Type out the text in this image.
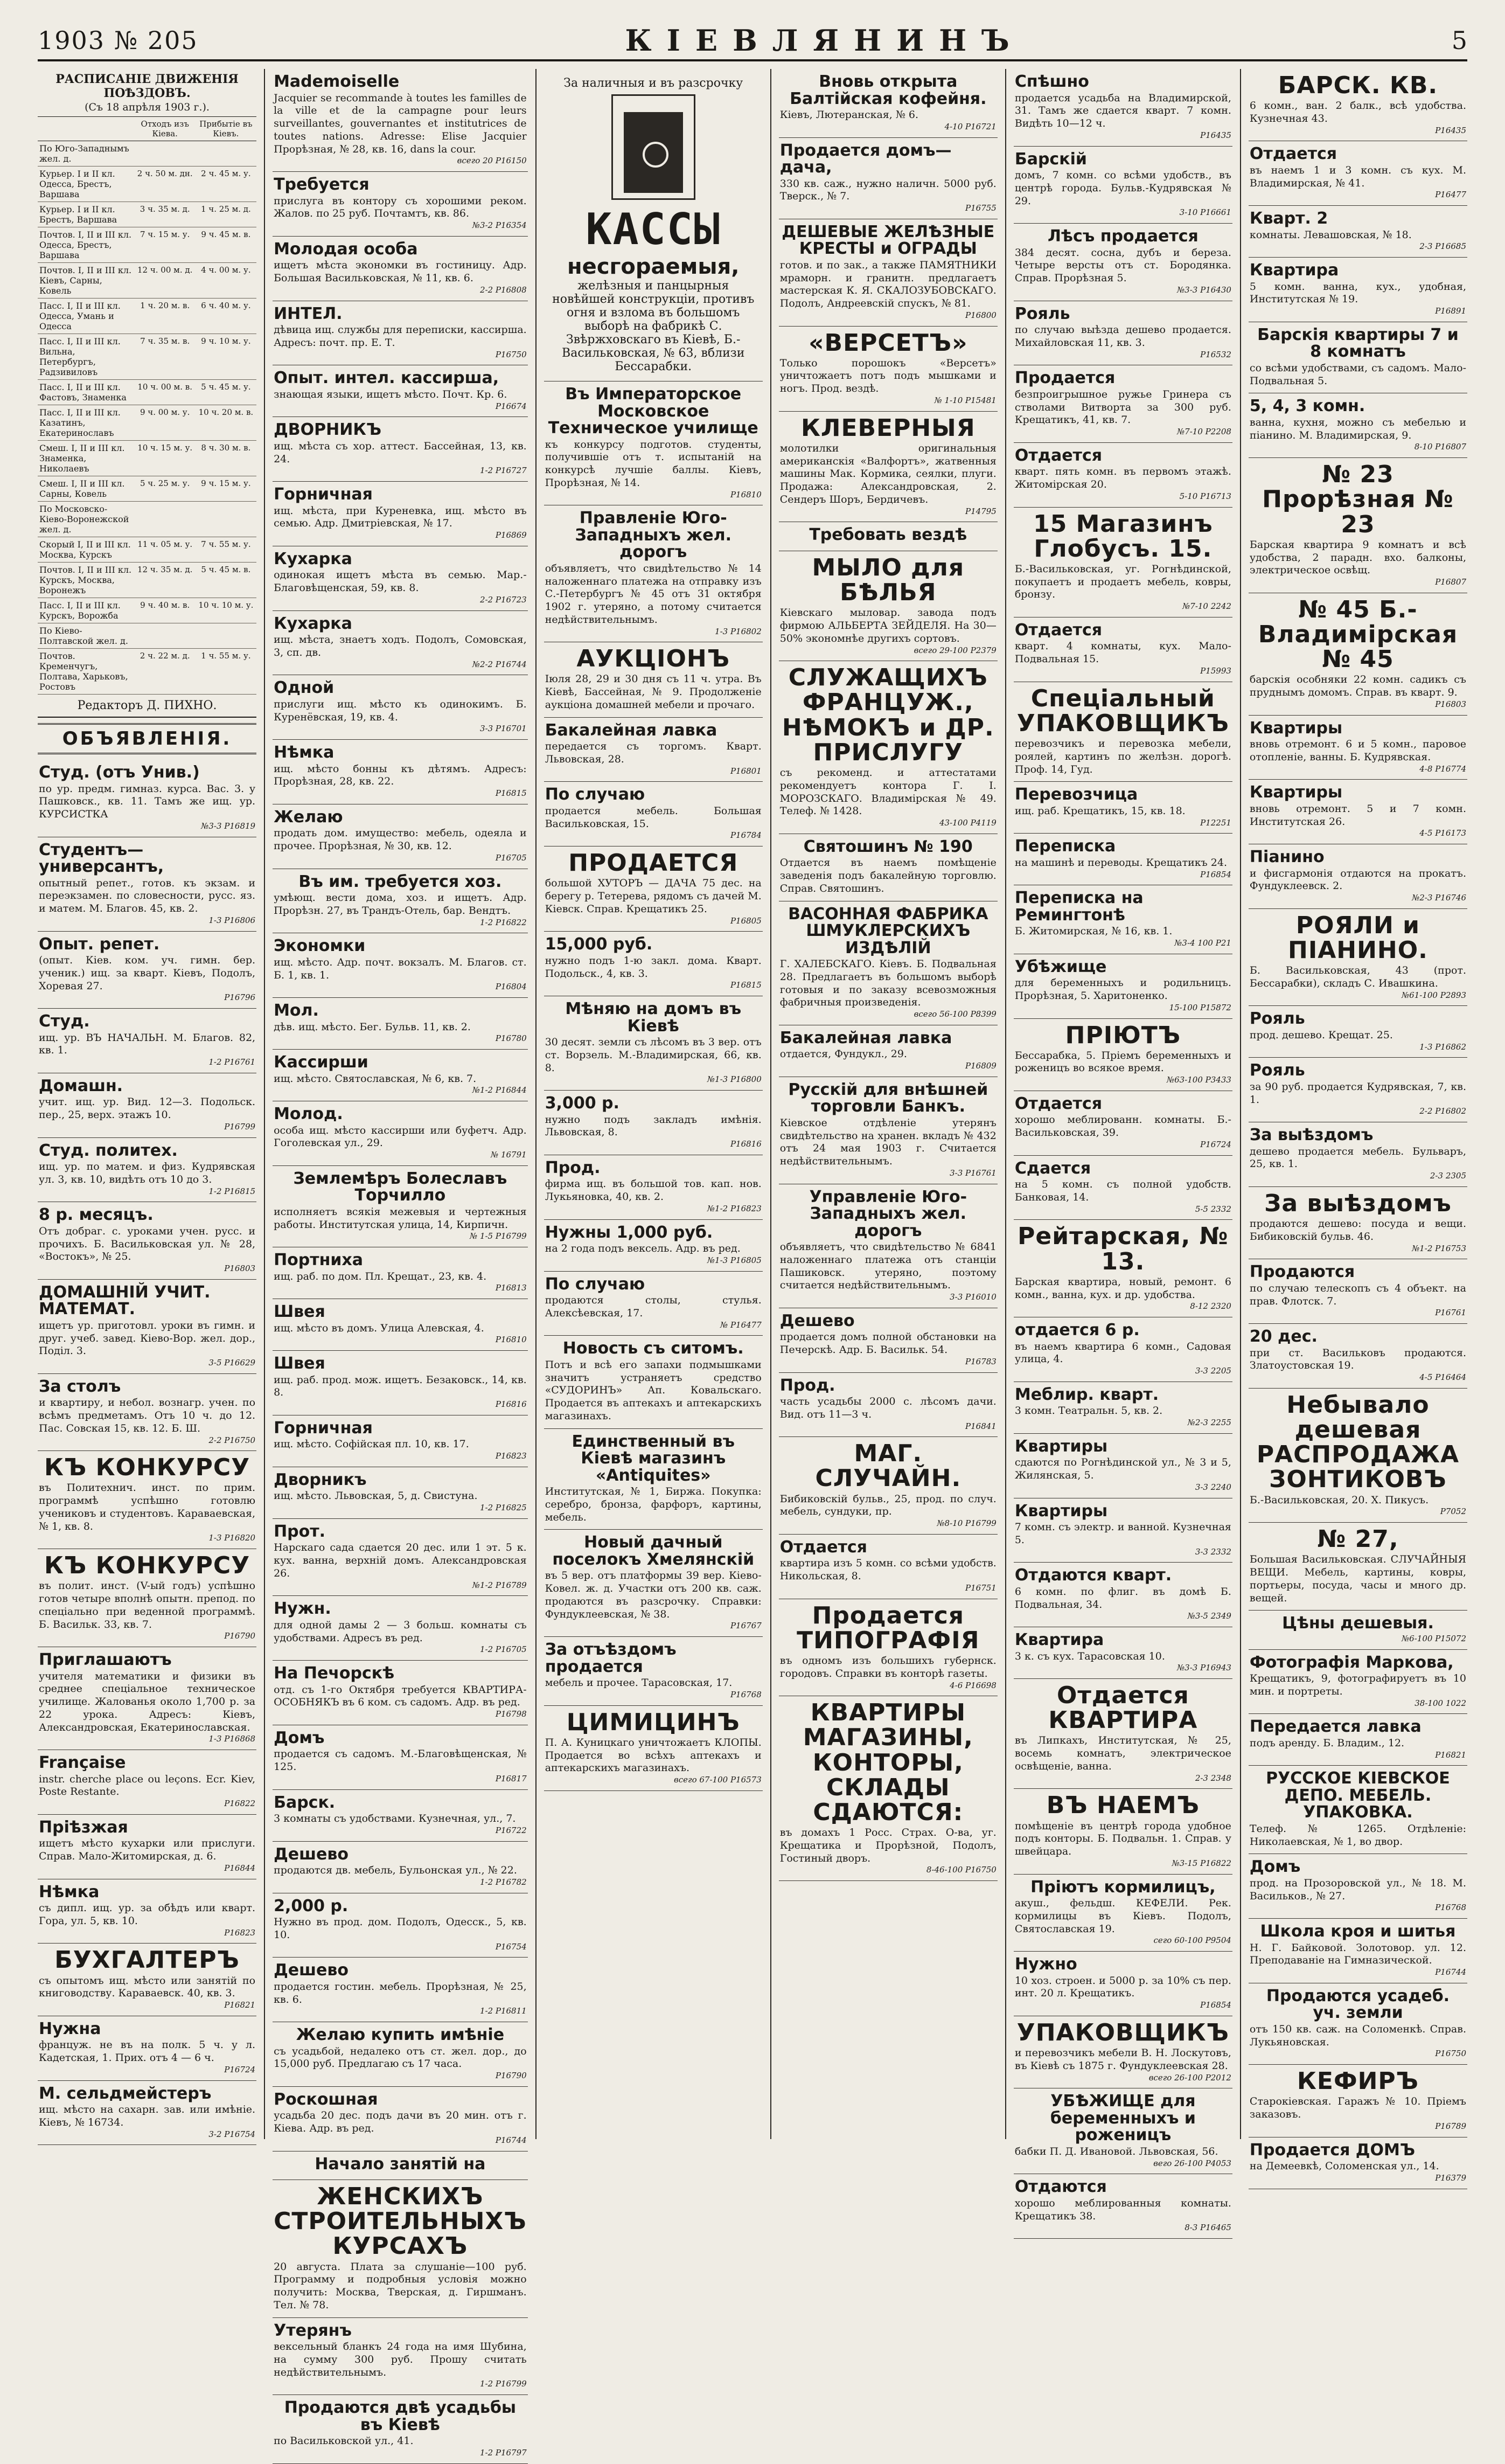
1903 № 205	КІЕВЛЯНИНЪ	5
РАСПИСАНІЕ ДВИЖЕНІЯ ПОѢЗДОВЪ.
(Съ 18 апрѣля 1903 г.).
	Отходъ изъ Кіева.	Прибытіе въ Кіевъ.
По Юго-Западнымъ жел. д.		
Курьер. I и II кл. Одесса, Брестъ, Варшава	2 ч. 50 м. дн.	2 ч. 45 м. у.
Курьер. I и II кл. Брестъ, Варшава	3 ч. 35 м. д.	1 ч. 25 м. д.
Почтов. I, II и III кл. Одесса, Брестъ, Варшава	7 ч. 15 м. у.	9 ч. 45 м. в.
Почтов. I, II и III кл. Кіевъ, Сарны, Ковель	12 ч. 00 м. д.	4 ч. 00 м. у.
Пасс. I, II и III кл. Одесса, Умань и Одесса	1 ч. 20 м. в.	6 ч. 40 м. у.
Пасс. I, II и III кл. Вильна, Петербургъ, Радзивиловъ	7 ч. 35 м. в.	9 ч. 10 м. у.
Пасс. I, II и III кл. Фастовъ, Знаменка	10 ч. 00 м. в.	5 ч. 45 м. у.
Пасс. I, II и III кл. Казатинъ, Екатеринославъ	9 ч. 00 м. у.	10 ч. 20 м. в.
Смеш. I, II и III кл. Знаменка, Николаевъ	10 ч. 15 м. у.	8 ч. 30 м. в.
Смеш. I, II и III кл. Сарны, Ковель	5 ч. 25 м. у.	9 ч. 15 м. у.
По Московско-Кіево-Воронежской жел. д.		
Скорый I, II и III кл. Москва, Курскъ	11 ч. 05 м. у.	7 ч. 55 м. у.
Почтов. I, II и III кл. Курскъ, Москва, Воронежъ	12 ч. 35 м. д.	5 ч. 45 м. в.
Пасс. I, II и III кл. Курскъ, Ворожба	9 ч. 40 м. в.	10 ч. 10 м. у.
По Кіево-Полтавской жел. д.		
Почтов. Кременчугъ, Полтава, Харьковъ, Ростовъ	2 ч. 22 м. д.	1 ч. 55 м. у.
Редакторъ Д. ПИХНО.
ОБЪЯВЛЕНІЯ.
Студ. (отъ Унив.)
по ур. предм. гимназ. курса. Вас. 3. у Пашковск., кв. 11. Тамъ же ищ. ур. КУРСИСТКА
№3-3 Р16819
Студентъ—универсантъ,
опытный репет., готов. къ экзам. и переэкзамен. по словесности, русс. яз. и матем. М. Благов. 45, кв. 2.
1-3 Р16806
Опыт. репет.
(опыт. Кіев. ком. уч. гимн. бер. ученик.) ищ. за кварт. Кіевъ, Подолъ, Хоревая 27.
Р16796
Студ.
ищ. ур. ВЪ НАЧАЛЬН. М. Благов. 82, кв. 1.
1-2 Р16761
Домашн.
учит. ищ. ур. Вид. 12—3. Подольск. пер., 25, верх. этажъ 10.
Р16799
Студ. политех.
ищ. ур. по матем. и физ. Кудрявская ул. 3, кв. 10, видѣть отъ 10 до 3.
1-2 Р16815
8 р. месяцъ.
Отъ добраг. с. уроками учен. русс. и прочихъ. Б. Васильковская ул. № 28, «Востокъ», № 25.
Р16803
ДОМАШНІЙ УЧИТ. МАТЕМАТ.
ищетъ ур. приготовл. уроки въ гимн. и друг. учеб. завед. Кіево-Вор. жел. дор., Поділ. 3.
3-5 Р16629
За столъ
и квартиру, и небол. вознагр. учен. по всѣмъ предметамъ. Отъ 10 ч. до 12. Пас. Совская 15, кв. 12. Б. Ш.
2-2 Р16750
КЪ КОНКУРСУ
въ Политехнич. инст. по прим. программѣ успѣшно готовлю учениковъ и студентовъ. Караваевская, № 1, кв. 8.
1-3 Р16820
КЪ КОНКУРСУ
въ полит. инст. (V-ый годъ) успѣшно готов четыре вполнѣ опытн. препод. по спеціально при веденной программѣ. Б. Васильк. 33, кв. 7.
Р16790
Приглашаютъ
учителя математики и физики въ среднее спеціальное техническое училище. Жалованья около 1,700 р. за 22 урока. Адресъ: Кіевъ, Александровская, Екатеринославская.
1-3 Р16868
Française
instr. cherche place ou leçons. Ecr. Kiev, Poste Restante.
Р16822
Пріѣзжая
ищетъ мѣсто кухарки или прислуги. Справ. Мало-Житомирская, д. 6.
Р16844
Нѣмка
съ дипл. ищ. ур. за обѣдъ или кварт. Гора, ул. 5, кв. 10.
Р16823
БУХГАЛТЕРЪ
съ опытомъ ищ. мѣсто или занятій по книговодству. Караваевск. 40, кв. 3.
Р16821
Нужна
француж. не въ на полк. 5 ч. у л. Кадетская, 1. Прих. отъ 4 — 6 ч.
Р16724
М. сельдмейстеръ
ищ. мѣсто на сахарн. зав. или имѣніе. Кіевъ, № 16734.
3-2 Р16754
Mademoiselle
Jacquier se recommande à toutes les familles de la ville et de la campagne pour leurs surveillantes, gouvernantes et institutrices de toutes nations. Adresse: Elise Jacquier Прорѣзная, № 28, кв. 16, dans la cour.
всего 20 Р16150
Требуется
прислуга въ контору съ хорошими реком. Жалов. по 25 руб. Почтамтъ, кв. 86.
№3-2 Р16354
Молодая особа
ищетъ мѣста экономки въ гостиницу. Адр. Большая Васильковская, № 11, кв. 6.
2-2 Р16808
ИНТЕЛ.
дѣвица ищ. службы для переписки, кассирша. Адресъ: почт. пр. Е. Т.
Р16750
Опыт. интел. кассирша,
знающая языки, ищетъ мѣсто. Почт. Кр. 6.
Р16674
ДВОРНИКЪ
ищ. мѣста съ хор. аттест. Бассейная, 13, кв. 24.
1-2 Р16727
Горничная
ищ. мѣста, при Куреневка, ищ. мѣсто въ семью. Адр. Дмитріевская, № 17.
Р16869
Кухарка
одинокая ищетъ мѣста въ семью. Мар.-Благовѣщенская, 59, кв. 8.
2-2 Р16723
Кухарка
ищ. мѣста, знаетъ ходъ. Подолъ, Сомовская, 3, сп. дв.
№2-2 Р16744
Одной
прислуги ищ. мѣсто къ одинокимъ. Б. Куренёвская, 19, кв. 4.
3-3 Р16701
Нѣмка
ищ. мѣсто бонны къ дѣтямъ. Адресъ: Прорѣзная, 28, кв. 22.
Р16815
Желаю
продать дом. имущество: мебель, одеяла и прочее. Прорѣзная, № 30, кв. 12.
Р16705
Въ им. требуется хоз.
умѣющ. вести дома, хоз. и ищетъ. Адр. Прорѣзн. 27, въ Трандъ-Отель, бар. Вендтъ.
1-2 Р16822
Экономки
ищ. мѣсто. Адр. почт. вокзалъ. М. Благов. ст. Б. 1, кв. 1.
Р16804
Мол.
дѣв. ищ. мѣсто. Бег. Бульв. 11, кв. 2.
Р16780
Кассирши
ищ. мѣсто. Святославская, № 6, кв. 7.
№1-2 Р16844
Молод.
особа ищ. мѣсто кассирши или буфетч. Адр. Гоголевская ул., 29.
№ 16791
Землемѣръ Болеславъ Торчилло
исполняетъ всякія межевыя и чертежныя работы. Институтская улица, 14, Кирпичн.
№ 1-5 Р16799
Портниха
ищ. раб. по дом. Пл. Крещат., 23, кв. 4.
Р16813
Швея
ищ. мѣсто въ домъ. Улица Алевская, 4.
Р16810
Швея
ищ. раб. прод. мож. ищетъ. Безаковск., 14, кв. 8.
Р16816
Горничная
ищ. мѣсто. Софійская пл. 10, кв. 17.
Р16823
Дворникъ
ищ. мѣсто. Львовская, 5, д. Свистуна.
1-2 Р16825
Прот.
Нарскаго сада сдается 20 дес. или 1 эт. 5 к. кух. ванна, верхній домъ. Александровская 26.
№1-2 Р16789
Нужн.
для одной дамы 2 — 3 больш. комнаты съ удобствами. Адресъ въ ред.
1-2 Р16705
На Печорскѣ
отд. съ 1-го Октября требуется КВАРТИРА-ОСОБНЯКЪ въ 6 ком. съ садомъ. Адр. въ ред.
Р16798
Домъ
продается съ садомъ. М.-Благовѣщенская, № 125.
Р16817
Барск.
3 комнаты съ удобствами. Кузнечная, ул., 7.
Р16722
Дешево
продаются дв. мебель, Бульонская ул., № 22.
1-2 Р16782
2,000 р.
Нужно въ прод. дом. Подолъ, Одесск., 5, кв. 10.
Р16754
Дешево
продается гостин. мебель. Прорѣзная, № 25, кв. 6.
1-2 Р16811
Желаю купить имѣніе
съ усадьбой, недалеко отъ ст. жел. дор., до 15,000 руб. Предлагаю съ 17 часа.
Р16790
Роскошная
усадьба 20 дес. подъ дачи въ 20 мин. отъ г. Кіева. Адр. въ ред.
Р16744
Начало занятій на
ЖЕНСКИХЪ СТРОИТЕЛЬНЫХЪ КУРСАХЪ
20 августа. Плата за слушаніе—100 руб. Программу и подробныя условія можно получить: Москва, Тверская, д. Гиршманъ. Тел. № 78.
Утерянъ
вексельный бланкъ 24 года на имя Шубина, на сумму 300 руб. Прошу считать недѣйствительнымъ.
1-2 Р16799
Продаются двѣ усадьбы въ Кіевѣ
по Васильковской ул., 41.
1-2 Р16797
За наличныя и въ разсрочку
КАССЫ
несгораемыя,
желѣзныя и панцырныя новѣйшей конструкціи, противъ огня и взлома въ большомъ выборѣ на фабрикѣ С. Звѣржховскаго въ Кіевѣ, Б.-Васильковская, № 63, вблизи Бессарабки.
Въ Императорское Московское Техническое училище
къ конкурсу подготов. студенты, получившіе отъ т. испытаній на конкурсѣ лучшіе баллы. Кіевъ, Прорѣзная, № 14.
Р16810
Правленіе Юго-Западныхъ жел. дорогъ
объявляетъ, что свидѣтельство № 14 наложеннаго платежа на отправку изъ С.-Петербургъ № 45 отъ 31 октября 1902 г. утеряно, а потому считается недѣйствительнымъ.
1-3 Р16802
АУКЦІОНЪ
Іюля 28, 29 и 30 дня съ 11 ч. утра. Въ Кіевѣ, Бассейная, № 9. Продолженіе аукціона домашней мебели и прочаго.
Бакалейная лавка
передается съ торгомъ. Кварт. Львовская, 28.
Р16801
По случаю
продается мебель. Большая Васильковская, 15.
Р16784
ПРОДАЕТСЯ
большой ХУТОРЪ — ДАЧА 75 дес. на берегу р. Тетерева, рядомъ съ дачей М. Кіевск. Справ. Крещатикъ 25.
Р16805
15,000 руб.
нужно подъ 1-ю закл. дома. Кварт. Подольск., 4, кв. 3.
Р16815
Мѣняю на домъ въ Кіевѣ
30 десят. земли съ лѣсомъ въ 3 вер. отъ ст. Ворзель. М.-Владимирская, 66, кв. 8.
№1-3 Р16800
3,000 р.
нужно подъ закладъ имѣнія. Львовская, 8.
Р16816
Прод.
фирма ищ. въ большой тов. кап. нов. Лукьяновка, 40, кв. 2.
№1-2 Р16823
Нужны 1,000 руб.
на 2 года подъ вексель. Адр. въ ред.
№1-3 Р16805
По случаю
продаются столы, стулья. Алексѣевская, 17.
№ Р16477
Новость съ ситомъ.
Потъ и всѣ его запахи подмышками значитъ устраняетъ средство «СУДОРИНЪ» Ап. Ковальскаго. Продается въ аптекахъ и аптекарскихъ магазинахъ.
Единственный въ Кіевѣ магазинъ «Antiquites»
Институтская, № 1, Биржа. Покупка: серебро, бронза, фарфоръ, картины, мебель.
Новый дачный поселокъ Хмелянскій
въ 5 вер. отъ платформы 39 вер. Кіево-Ковел. ж. д. Участки отъ 200 кв. саж. продаются въ разсрочку. Справки: Фундуклеевская, № 38.
Р16767
За отъѣздомъ продается
мебель и прочее. Тарасовская, 17.
Р16768
ЦИМИЦИНЪ
П. А. Куницкаго уничтожаетъ КЛОПЫ. Продается во всѣхъ аптекахъ и аптекарскихъ магазинахъ.
всего 67-100 Р16573
Вновь открыта Балтійская кофейня.
Кіевъ, Лютеранская, № 6.
4-10 Р16721
Продается домъ—дача,
330 кв. саж., нужно наличн. 5000 руб. Тверск., № 7.
Р16755
ДЕШЕВЫЕ ЖЕЛѢЗНЫЕ КРЕСТЫ и ОГРАДЫ
готов. и по зак., а также ПАМЯТНИКИ мраморн. и гранитн. предлагаетъ мастерская К. Я. СКАЛОЗУБОВСКАГО. Подолъ, Андреевскій спускъ, № 81.
Р16800
«ВЕРСЕТЪ»
Только порошокъ «Версетъ» уничтожаетъ потъ подъ мышками и ногъ. Прод. вездѣ.
№ 1-10 Р15481
КЛЕВЕРНЫЯ
молотилки оригинальныя американскія «Валфортъ», жатвенныя машины Мак. Кормика, сеялки, плуги. Продажа: Александровская, 2. Сендеръ Шоръ, Бердичевъ.
Р14795
Требовать вездѣ
МЫЛО для БѢЛЬЯ
Кіевскаго мыловар. завода подъ фирмою АЛЬБЕРТА ЗЕЙДЕЛЯ. На 30—50% экономнѣе другихъ сортовъ.
всего 29-100 Р2379
СЛУЖАЩИХЪ ФРАНЦУЖ., НѢМОКЪ и ДР. ПРИСЛУГУ
съ рекоменд. и аттестатами рекомендуетъ контора Г. І. МОРОЗСКАГО. Владимірская № 49. Телеф. № 1428.
43-100 Р4119
Святошинъ № 190
Отдается въ наемъ помѣщеніе заведенія подъ бакалейную торговлю. Справ. Святошинъ.
ВАСОННАЯ ФАБРИКА ШМУКЛЕРСКИХЪ ИЗДѢЛІЙ
Г. ХАЛЕБСКАГО. Кіевъ. Б. Подвальная 28. Предлагаетъ въ большомъ выборѣ готовыя и по заказу всевозможныя фабричныя произведенія.
всего 56-100 Р8399
Бакалейная лавка
отдается, Фундукл., 29.
Р16809
Русскій для внѣшней торговли Банкъ.
Кіевское отдѣленіе утерянъ свидѣтельство на хранен. вкладъ № 432 отъ 24 мая 1903 г. Считается недѣйствительнымъ.
3-3 Р16761
Управленіе Юго-Западныхъ жел. дорогъ
объявляетъ, что свидѣтельство № 6841 наложеннаго платежа отъ станціи Пашиковск. утеряно, поэтому считается недѣйствительнымъ.
3-3 Р16010
Дешево
продается домъ полной обстановки на Печерскѣ. Адр. Б. Васильк. 54.
Р16783
Прод.
часть усадьбы 2000 с. лѣсомъ дачи. Вид. отъ 11—3 ч.
Р16841
МАГ. СЛУЧАЙН.
Бибиковскій бульв., 25, прод. по случ. мебель, сундуки, пр.
№8-10 Р16799
Отдается
квартира изъ 5 комн. со всѣми удобств. Никольская, 8.
Р16751
Продается ТИПОГРАФІЯ
въ одномъ изъ большихъ губернск. городовъ. Справки въ конторѣ газеты.
4-6 Р16698
КВАРТИРЫ МАГАЗИНЫ, КОНТОРЫ, СКЛАДЫ СДАЮТСЯ:
въ домахъ 1 Росс. Страх. О-ва, уг. Крещатика и Прорѣзной, Подолъ, Гостиный дворъ.
8-46-100 Р16750
Спѣшно
продается усадьба на Владимирской, 31. Тамъ же сдается кварт. 7 комн. Видѣть 10—12 ч.
Р16435
Барскій
домъ, 7 комн. со всѣми удобств., въ центрѣ города. Бульв.-Кудрявская № 29.
3-10 Р16661
Лѣсъ продается
384 десят. сосна, дубъ и береза. Четыре версты отъ ст. Бородянка. Справ. Прорѣзная 5.
№3-3 Р16430
Рояль
по случаю выѣзда дешево продается. Михайловская 11, кв. 3.
Р16532
Продается
безпроигрышное ружье Гринера съ стволами Витворта за 300 руб. Крещатикъ, 41, кв. 7.
№7-10 Р2208
Отдается
кварт. пять комн. въ первомъ этажѣ. Житомірская 20.
5-10 Р16713
15 Магазинъ Глобусъ. 15.
Б.-Васильковская, уг. Рогнѣдинской, покупаетъ и продаетъ мебель, ковры, бронзу.
№7-10 2242
Отдается
кварт. 4 комнаты, кух. Мало-Подвальная 15.
Р15993
Спеціальный УПАКОВЩИКЪ
перевозчикъ и перевозка мебели, роялей, картинъ по желѣзн. дорогѣ. Проф. 14, Гуд.
Перевозчица
ищ. раб. Крещатикъ, 15, кв. 18.
Р12251
Переписка
на машинѣ и переводы. Крещатикъ 24.
Р16854
Переписка на Ремингтонѣ
Б. Житомирская, № 16, кв. 1.
№3-4 100 Р21
Убѣжище
для беременныхъ и родильницъ. Прорѣзная, 5. Харитоненко.
15-100 Р15872
ПРІЮТЪ
Бессарабка, 5. Пріемъ беременныхъ и роженицъ во всякое время.
№63-100 Р3433
Отдается
хорошо меблированн. комнаты. Б.-Васильковская, 39.
Р16724
Сдается
на 5 комн. съ полной удобств. Банковая, 14.
5-5 2332
Рейтарская, № 13.
Барская квартира, новый, ремонт. 6 комн., ванна, кух. и др. удобства.
8-12 2320
отдается 6 р.
въ наемъ квартира 6 комн., Садовая улица, 4.
3-3 2205
Меблир. кварт.
3 комн. Театральн. 5, кв. 2.
№2-3 2255
Квартиры
сдаются по Рогнѣдинской ул., № 3 и 5, Жилянская, 5.
3-3 2240
Квартиры
7 комн. съ электр. и ванной. Кузнечная 5.
3-3 2332
Отдаются кварт.
6 комн. по флиг. въ домѣ Б. Подвальная, 34.
№3-5 2349
Квартира
3 к. съ кух. Тарасовская 10.
№3-3 Р16943
Отдается КВАРТИРА
въ Липкахъ, Институтская, № 25, восемь комнатъ, электрическое освѣщеніе, ванна.
2-3 2348
ВЪ НАЕМЪ
помѣщеніе въ центрѣ города удобное подъ конторы. Б. Подвальн. 1. Справ. у швейцара.
№3-15 Р16822
Пріютъ кормилицъ,
акуш., фельдш. КЕФЕЛИ. Рек. кормилицы въ Кіевъ. Подолъ, Святославская 19.
сего 60-100 Р9504
Нужно
10 хоз. строен. и 5000 р. за 10% съ пер. инт. 20 л. Крещатикъ.
Р16854
УПАКОВЩИКЪ
и перевозчикъ мебели В. Н. Лоскутовъ, въ Кіевѣ съ 1875 г. Фундуклеевская 28.
всего 26-100 Р2012
УБѢЖИЩЕ для беременныхъ и роженицъ
бабки П. Д. Ивановой. Львовская, 56.
вего 26-100 Р4053
Отдаются
хорошо меблированныя комнаты. Крещатикъ 38.
8-3 Р16465
БАРСК. КВ.
6 комн., ван. 2 балк., всѣ удобства. Кузнечная 43.
Р16435
Отдается
въ наемъ 1 и 3 комн. съ кух. М. Владимирская, № 41.
Р16477
Кварт. 2
комнаты. Левашовская, № 18.
2-3 Р16685
Квартира
5 комн. ванна, кух., удобная, Институтская № 19.
Р16891
Барскія квартиры 7 и 8 комнатъ
со всѣми удобствами, съ садомъ. Мало-Подвальная 5.
5, 4, 3 комн.
ванна, кухня, можно съ мебелью и піанино. М. Владимирская, 9.
8-10 Р16807
№ 23 Прорѣзная № 23
Барская квартира 9 комнатъ и всѣ удобства, 2 парадн. вхо. балконы, электрическое освѣщ.
Р16807
№ 45 Б.-Владимірская № 45
барскія особняки 22 комн. садикъ съ пруднымъ домомъ. Справ. въ кварт. 9.
Р16803
Квартиры
вновь отремонт. 6 и 5 комн., паровое отопленіе, ванны. Б. Кудрявская.
4-8 Р16774
Квартиры
вновь отремонт. 5 и 7 комн. Институтская 26.
4-5 Р16173
Піанино
и фисгармонія отдаются на прокатъ. Фундуклеевск. 2.
№2-3 Р16746
РОЯЛИ и ПІАНИНО.
Б. Васильковская, 43 (прот. Бессарабки), складъ С. Ивашкина.
№61-100 Р2893
Рояль
прод. дешево. Крещат. 25.
1-3 Р16862
Рояль
за 90 руб. продается Кудрявская, 7, кв. 1.
2-2 Р16802
За выѣздомъ
дешево продается мебель. Бульваръ, 25, кв. 1.
2-3 2305
За выѣздомъ
продаются дешево: посуда и вещи. Бибиковскій бульв. 46.
№1-2 Р16753
Продаются
по случаю телескопъ съ 4 объект. на прав. Флотск. 7.
Р16761
20 дес.
при ст. Васильковъ продаются. Златоустовская 19.
4-5 Р16464
Небывало дешевая РАСПРОДАЖА ЗОНТИКОВЪ
Б.-Васильковская, 20. Х. Пикусъ.
Р7052
№ 27,
Большая Васильковская. СЛУЧАЙНЫЯ ВЕЩИ. Мебель, картины, ковры, портьеры, посуда, часы и много др. вещей.
Цѣны дешевыя.
№6-100 Р15072
Фотографія Маркова,
Крещатикъ, 9, фотографируетъ въ 10 мин. и портреты.
38-100 1022
Передается лавка
подъ аренду. Б. Владим., 12.
Р16821
РУССКОЕ КІЕВСКОЕ ДЕПО. МЕБЕЛЬ. УПАКОВКА.
Телеф. № 1265. Отдѣленіе: Николаевская, № 1, во двор.
Домъ
прод. на Прозоровской ул., № 18. М. Васильков., № 27.
Р16768
Школа кроя и шитья
Н. Г. Байковой. Золотовор. ул. 12. Преподаваніе на Гимназической.
Р16744
Продаются усадеб. уч. земли
отъ 150 кв. саж. на Соломенкѣ. Справ. Лукьяновская.
Р16750
КЕФИРЪ
Старокіевская. Гаражъ № 10. Пріемъ заказовъ.
Р16789
Продается ДОМЪ
на Демеевкѣ, Соломенская ул., 14.
Р16379
